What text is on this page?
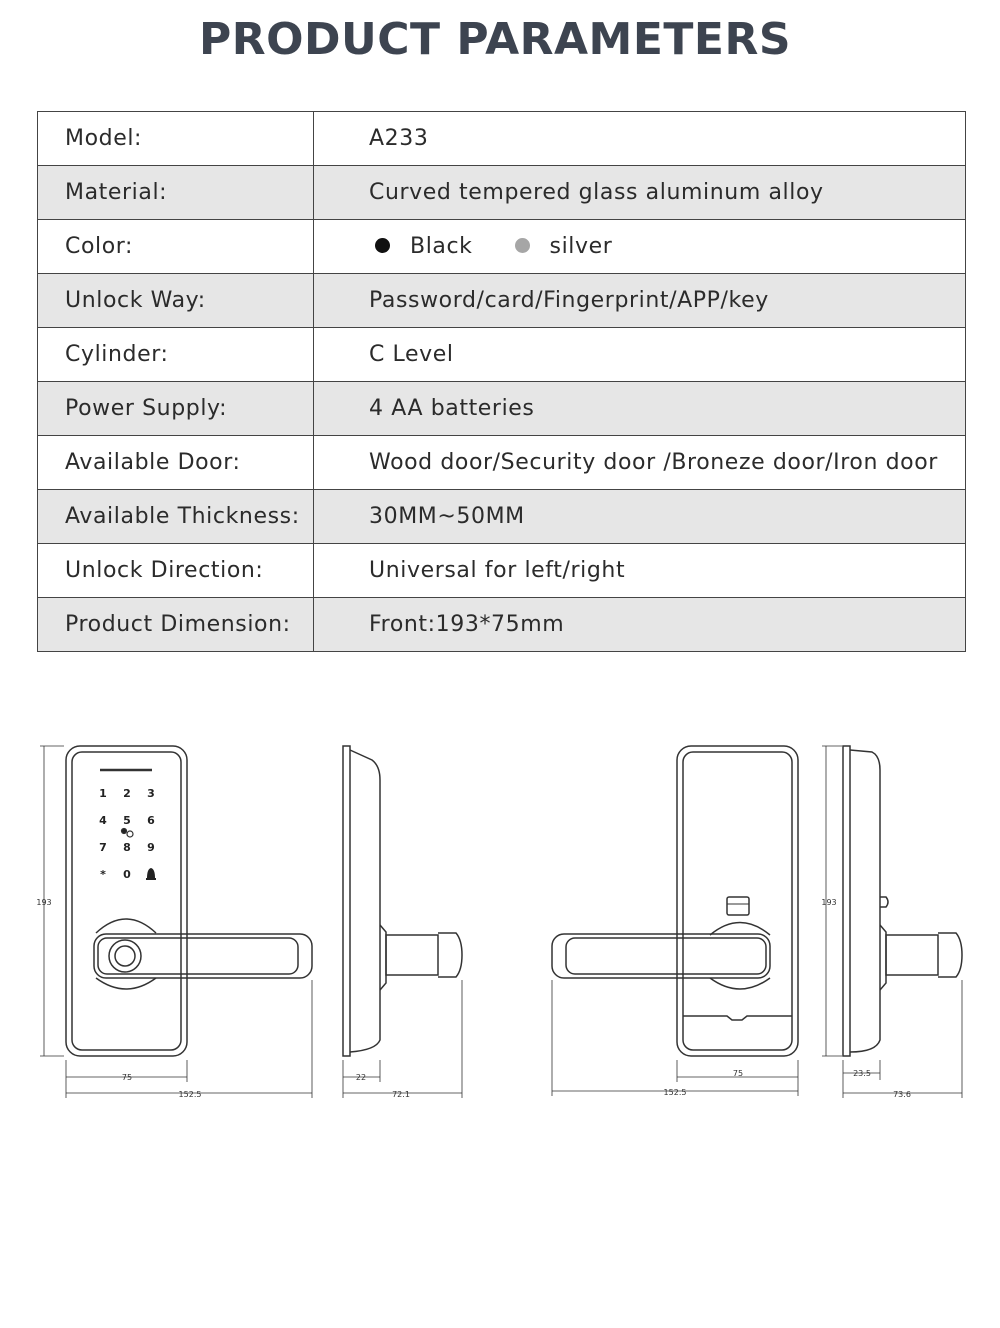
PRODUCT PARAMETERS
Model:	A233
Material:	Curved tempered glass aluminum alloy
Color:	Black silver
Unlock Way:	Password/card/Fingerprint/APP/key
Cylinder:	C Level
Power Supply:	4 AA batteries
Available Door:	Wood door/Security door /Broneze door/Iron door
Available Thickness:	30MM~50MM
Unlock Direction:	Universal for left/right
Product Dimension:	Front:193*75mm
1 2 3
4 5 6
7 8 9
* 0
193
75
152.5
22
72.1
75
152.5
193
23.5
73.6
